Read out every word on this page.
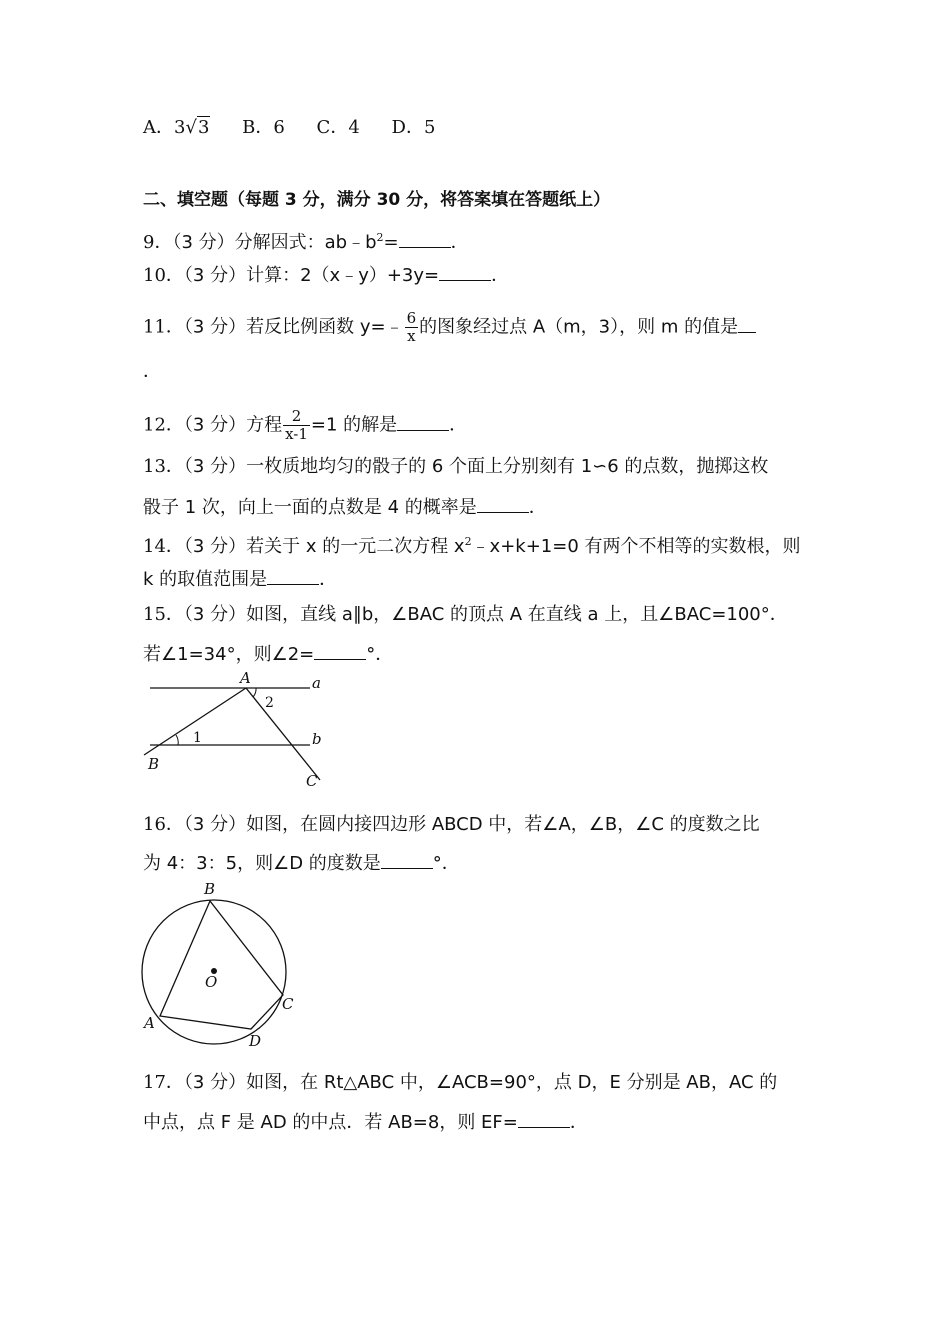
A．3√3 B．6 C．4 D．5
二、填空题（每题 3 分，满分 30 分，将答案填在答题纸上）
9．（3 分）分解因式：$ab﹣b^2=$	．
10．（3 分）计算：2（x﹣y）+3y=	．
11．（3 分）若反比例函数 y=﹣ $\frac{6}{x}$ 的图象经过点 A（m，3），则 m 的值是
．
12．（3 分）方程 $\frac{2}{x-1} =1$ 的解是	．
13．（3 分）一枚质地均匀的骰子的 6 个面上分别刻有 1∽6 的点数，抛掷这枚
骰子 1 次，向上一面的点数是 4 的概率是	．
14．（3 分）若关于 x 的一元二次方程 $x^2﹣x+k+1=0$ 有两个不相等的实数根，则
k 的取值范围是	．
15．（3 分）如图，直线 a∥b，∠BAC 的顶点 A 在直线 a 上，且∠BAC=100°．
若∠1=34°，则∠2=	°．
A
B
C
a
b
1
2
16．（3 分）如图，在圆内接四边形 ABCD 中，若∠A，∠B，∠C 的度数之比
为 4：3：5，则∠D 的度数是	°．
B
A
C
D
O
17．（3 分）如图，在 Rt△ABC 中，∠ACB=90°，点 D，E 分别是 AB，AC 的
中点，点 F 是 AD 的中点．若 AB=8，则 EF=	．
